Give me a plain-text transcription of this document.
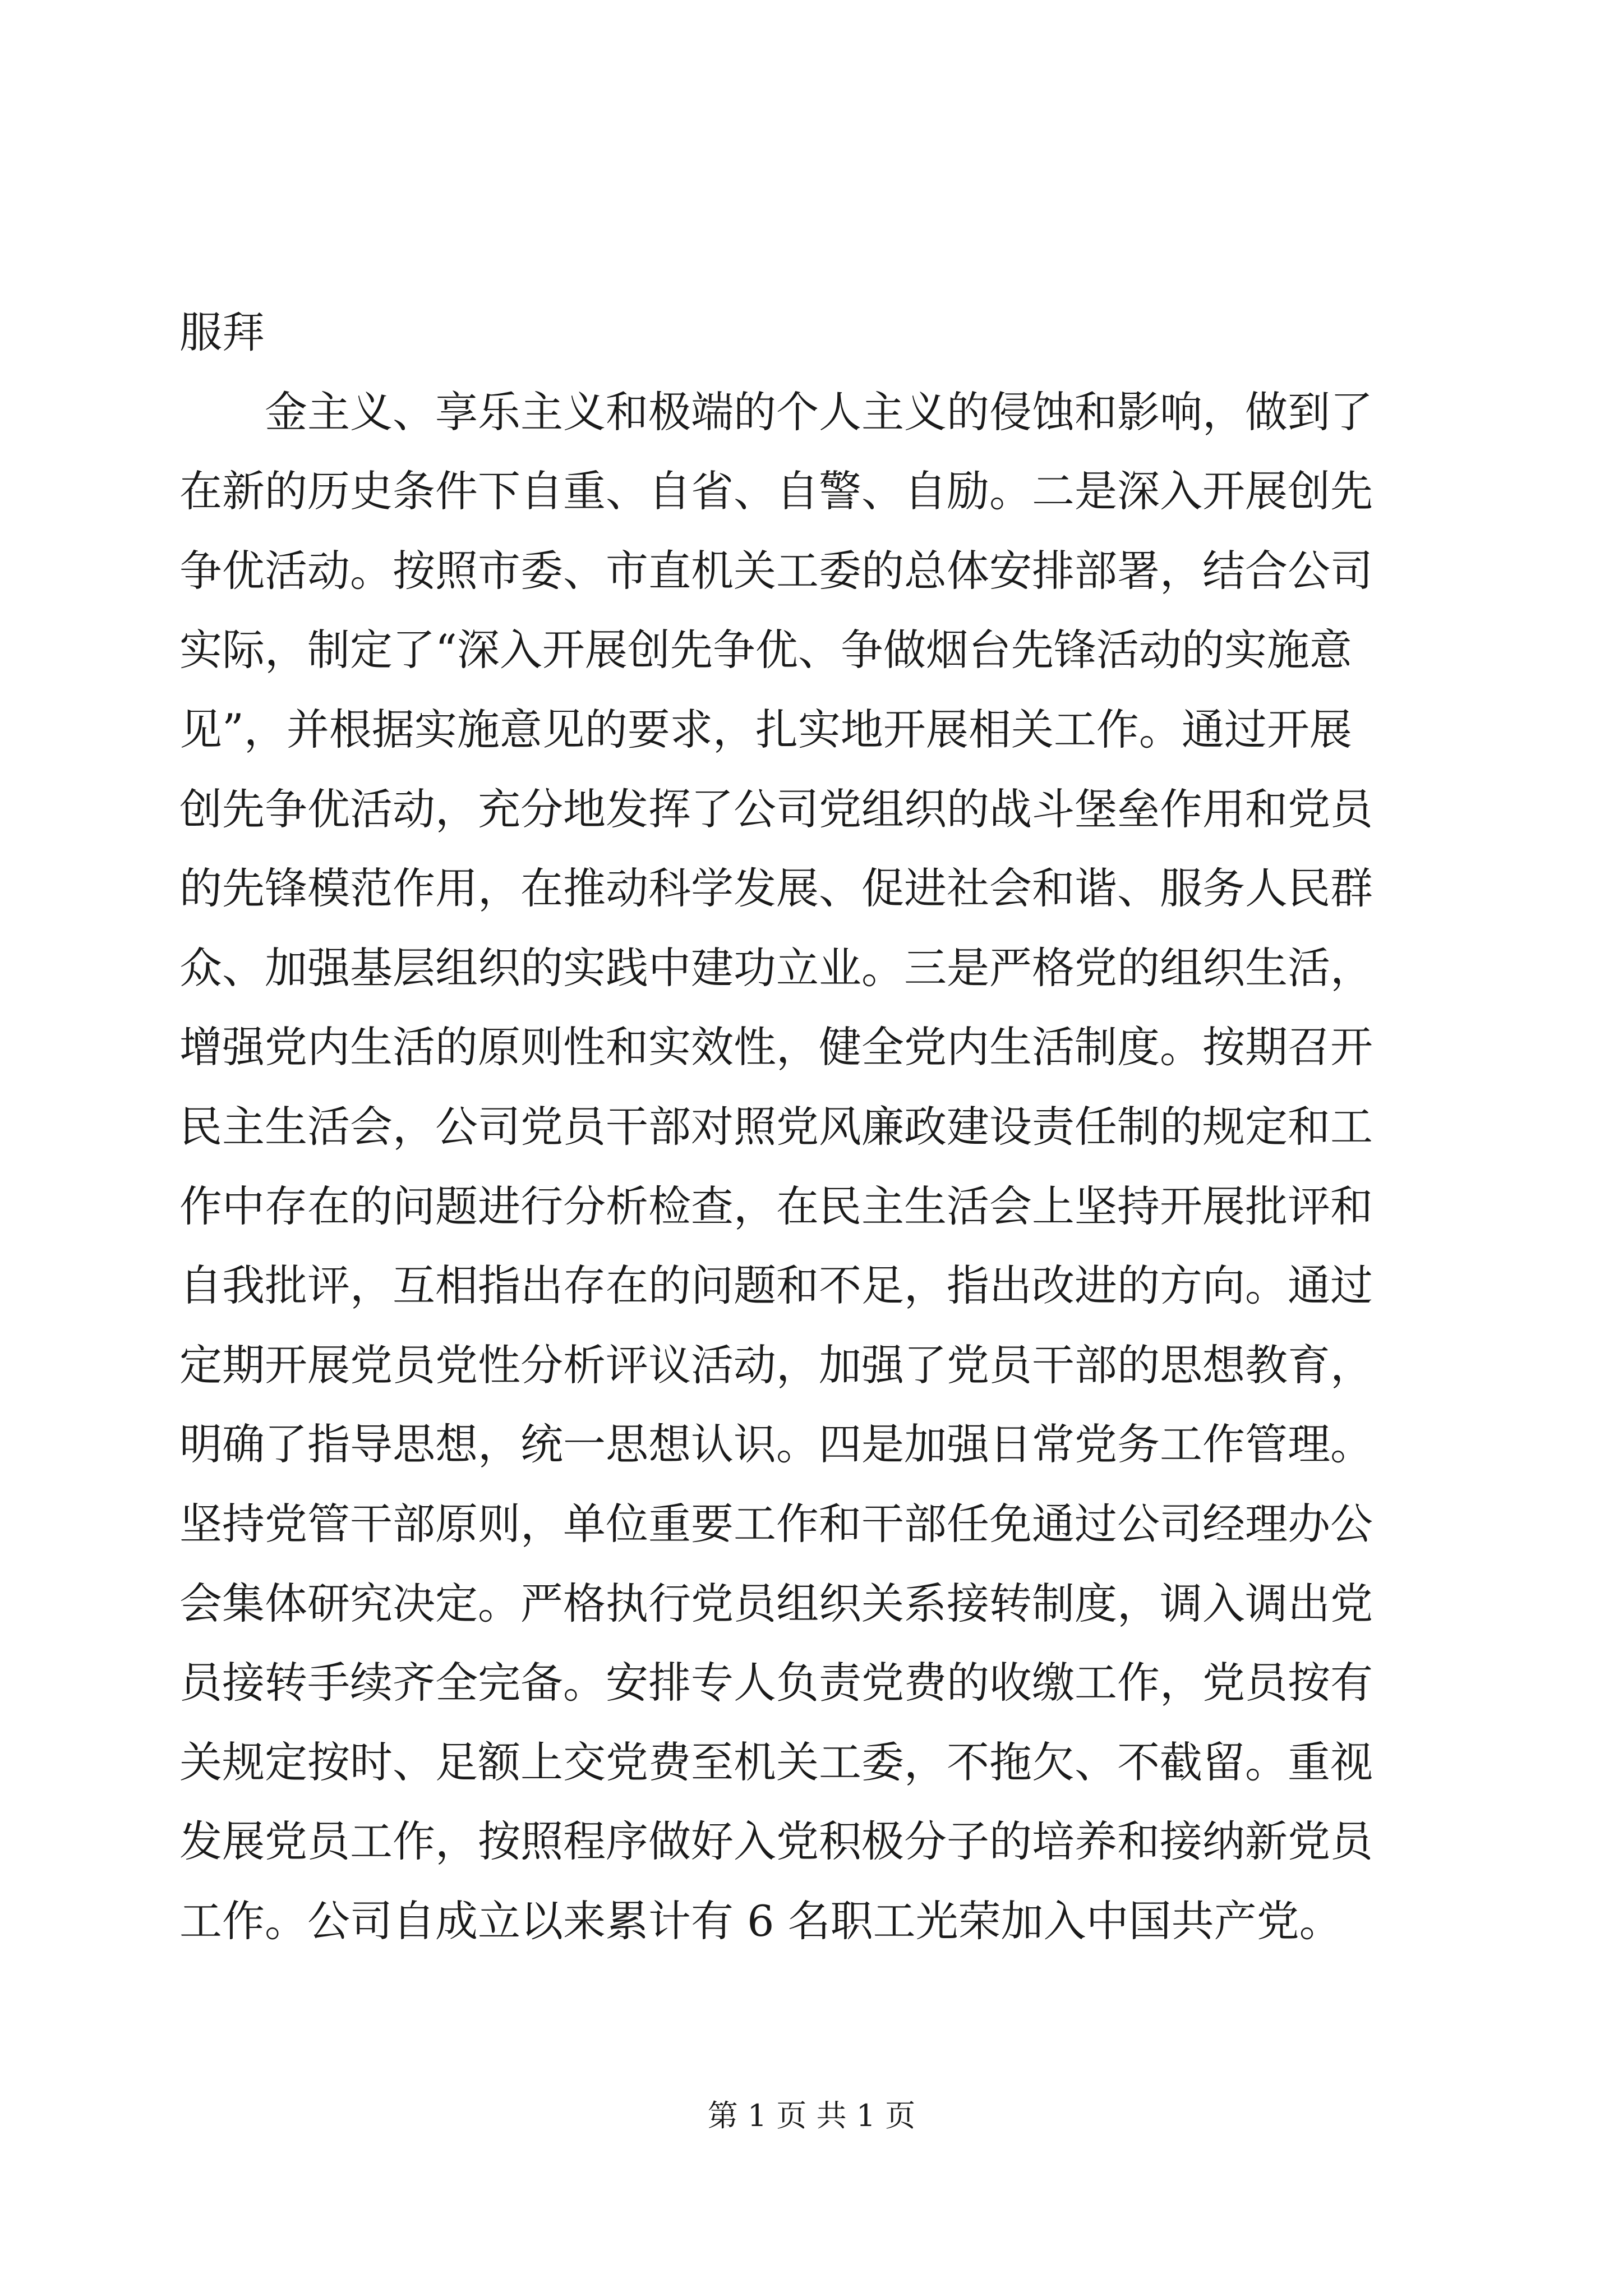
服拜
　　金主义、享乐主义和极端的个人主义的侵蚀和影响，做到了
在新的历史条件下自重、自省、自警、自励。二是深入开展创先
争优活动。按照市委、市直机关工委的总体安排部署，结合公司
实际，制定了“深入开展创先争优、争做烟台先锋活动的实施意
见”，并根据实施意见的要求，扎实地开展相关工作。通过开展
创先争优活动，充分地发挥了公司党组织的战斗堡垒作用和党员
的先锋模范作用，在推动科学发展、促进社会和谐、服务人民群
众、加强基层组织的实践中建功立业。三是严格党的组织生活，
增强党内生活的原则性和实效性，健全党内生活制度。按期召开
民主生活会，公司党员干部对照党风廉政建设责任制的规定和工
作中存在的问题进行分析检查，在民主生活会上坚持开展批评和
自我批评，互相指出存在的问题和不足，指出改进的方向。通过
定期开展党员党性分析评议活动，加强了党员干部的思想教育，
明确了指导思想，统一思想认识。四是加强日常党务工作管理。
坚持党管干部原则，单位重要工作和干部任免通过公司经理办公
会集体研究决定。严格执行党员组织关系接转制度，调入调出党
员接转手续齐全完备。安排专人负责党费的收缴工作，党员按有
关规定按时、足额上交党费至机关工委，不拖欠、不截留。重视
发展党员工作，按照程序做好入党积极分子的培养和接纳新党员
工作。公司自成立以来累计有 6 名职工光荣加入中国共产党。
第 1 页 共 1 页
